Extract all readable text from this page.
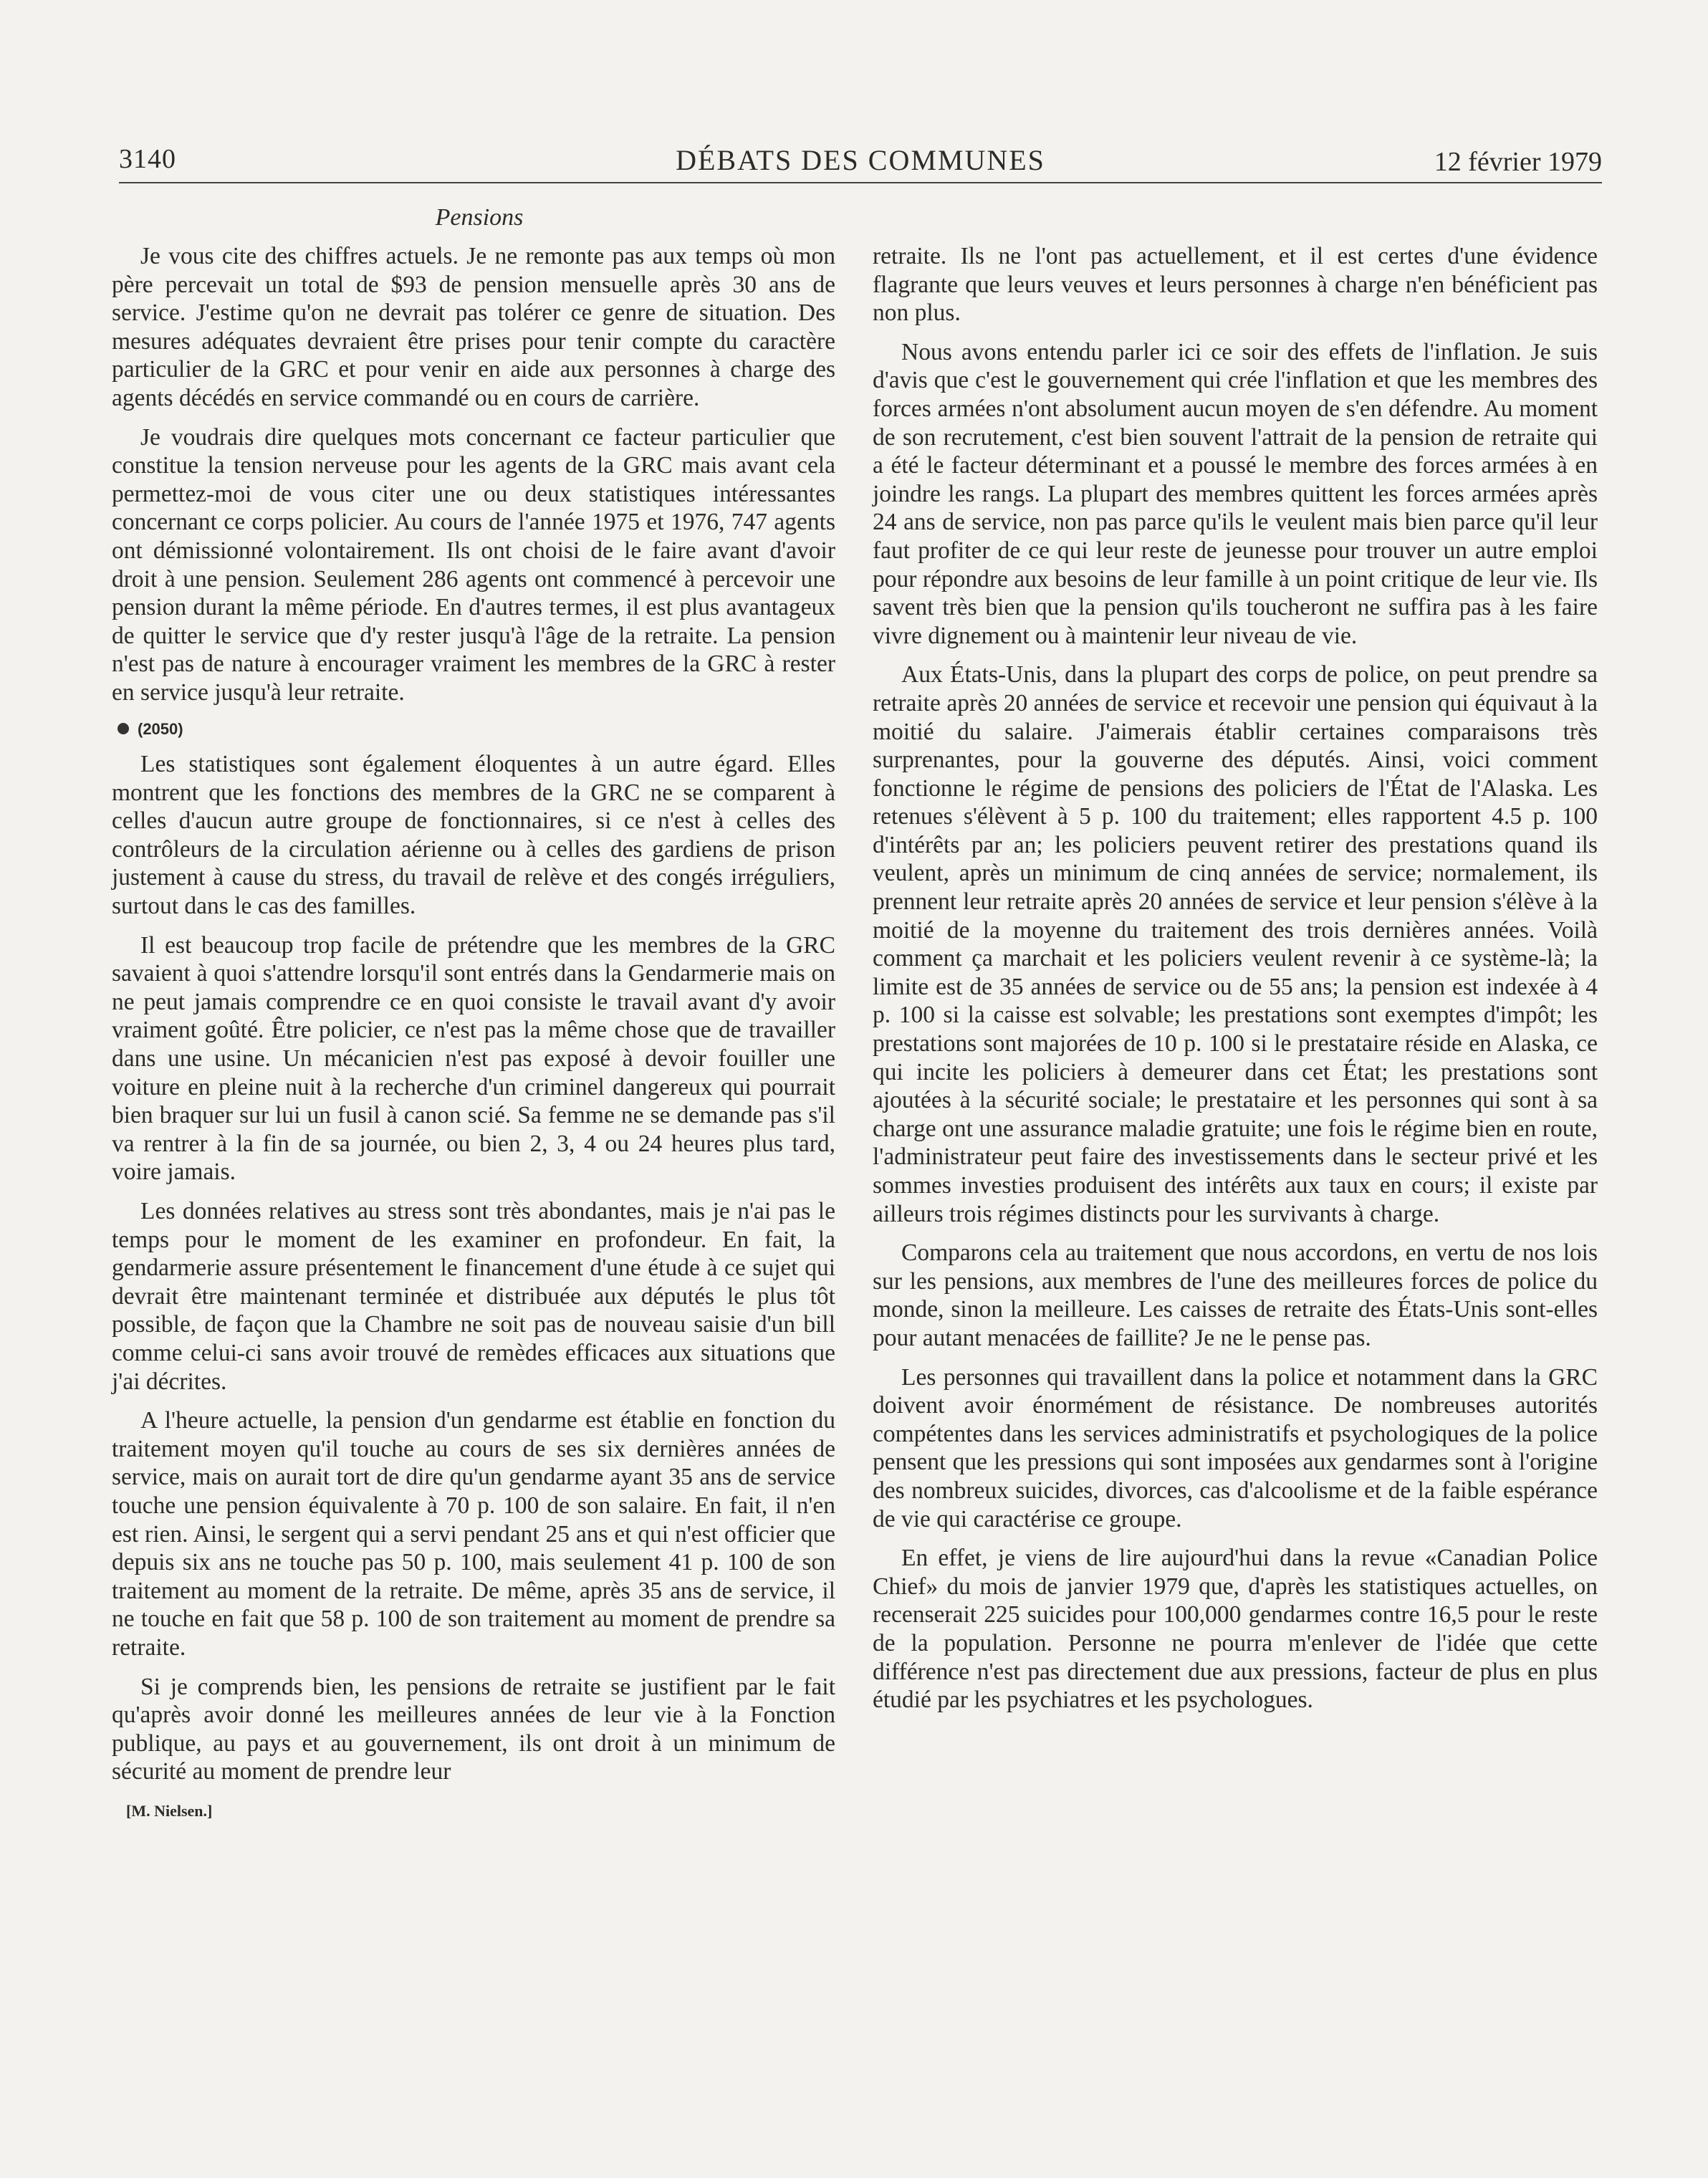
3140	DÉBATS DES COMMUNES	12 février 1979
Pensions

Je vous cite des chiffres actuels. Je ne remonte pas aux temps où mon père percevait un total de $93 de pension mensuelle après 30 ans de service. J'estime qu'on ne devrait pas tolérer ce genre de situation. Des mesures adéquates devraient être prises pour tenir compte du caractère particulier de la GRC et pour venir en aide aux personnes à charge des agents décédés en service commandé ou en cours de carrière.

Je voudrais dire quelques mots concernant ce facteur particulier que constitue la tension nerveuse pour les agents de la GRC mais avant cela permettez-moi de vous citer une ou deux statistiques intéressantes concernant ce corps policier. Au cours de l'année 1975 et 1976, 747 agents ont démissionné volontairement. Ils ont choisi de le faire avant d'avoir droit à une pension. Seulement 286 agents ont commencé à percevoir une pension durant la même période. En d'autres termes, il est plus avantageux de quitter le service que d'y rester jusqu'à l'âge de la retraite. La pension n'est pas de nature à encourager vraiment les membres de la GRC à rester en service jusqu'à leur retraite.

(2050)

Les statistiques sont également éloquentes à un autre égard. Elles montrent que les fonctions des membres de la GRC ne se comparent à celles d'aucun autre groupe de fonctionnaires, si ce n'est à celles des contrôleurs de la circulation aérienne ou à celles des gardiens de prison justement à cause du stress, du travail de relève et des congés irréguliers, surtout dans le cas des familles.

Il est beaucoup trop facile de prétendre que les membres de la GRC savaient à quoi s'attendre lorsqu'il sont entrés dans la Gendarmerie mais on ne peut jamais comprendre ce en quoi consiste le travail avant d'y avoir vraiment goûté. Être policier, ce n'est pas la même chose que de travailler dans une usine. Un mécanicien n'est pas exposé à devoir fouiller une voiture en pleine nuit à la recherche d'un criminel dangereux qui pourrait bien braquer sur lui un fusil à canon scié. Sa femme ne se demande pas s'il va rentrer à la fin de sa journée, ou bien 2, 3, 4 ou 24 heures plus tard, voire jamais.

Les données relatives au stress sont très abondantes, mais je n'ai pas le temps pour le moment de les examiner en profondeur. En fait, la gendarmerie assure présentement le financement d'une étude à ce sujet qui devrait être maintenant terminée et distribuée aux députés le plus tôt possible, de façon que la Chambre ne soit pas de nouveau saisie d'un bill comme celui-ci sans avoir trouvé de remèdes efficaces aux situations que j'ai décrites.

A l'heure actuelle, la pension d'un gendarme est établie en fonction du traitement moyen qu'il touche au cours de ses six dernières années de service, mais on aurait tort de dire qu'un gendarme ayant 35 ans de service touche une pension équivalente à 70 p. 100 de son salaire. En fait, il n'en est rien. Ainsi, le sergent qui a servi pendant 25 ans et qui n'est officier que depuis six ans ne touche pas 50 p. 100, mais seulement 41 p. 100 de son traitement au moment de la retraite. De même, après 35 ans de service, il ne touche en fait que 58 p. 100 de son traitement au moment de prendre sa retraite.

Si je comprends bien, les pensions de retraite se justifient par le fait qu'après avoir donné les meilleures années de leur vie à la Fonction publique, au pays et au gouvernement, ils ont droit à un minimum de sécurité au moment de prendre leur

[M. Nielsen.]

retraite. Ils ne l'ont pas actuellement, et il est certes d'une évidence flagrante que leurs veuves et leurs personnes à charge n'en bénéficient pas non plus.

Nous avons entendu parler ici ce soir des effets de l'inflation. Je suis d'avis que c'est le gouvernement qui crée l'inflation et que les membres des forces armées n'ont absolument aucun moyen de s'en défendre. Au moment de son recrutement, c'est bien souvent l'attrait de la pension de retraite qui a été le facteur déterminant et a poussé le membre des forces armées à en joindre les rangs. La plupart des membres quittent les forces armées après 24 ans de service, non pas parce qu'ils le veulent mais bien parce qu'il leur faut profiter de ce qui leur reste de jeunesse pour trouver un autre emploi pour répondre aux besoins de leur famille à un point critique de leur vie. Ils savent très bien que la pension qu'ils toucheront ne suffira pas à les faire vivre dignement ou à maintenir leur niveau de vie.

Aux États-Unis, dans la plupart des corps de police, on peut prendre sa retraite après 20 années de service et recevoir une pension qui équivaut à la moitié du salaire. J'aimerais établir certaines comparaisons très surprenantes, pour la gouverne des députés. Ainsi, voici comment fonctionne le régime de pensions des policiers de l'État de l'Alaska. Les retenues s'élèvent à 5 p. 100 du traitement; elles rapportent 4.5 p. 100 d'intérêts par an; les policiers peuvent retirer des prestations quand ils veulent, après un minimum de cinq années de service; normalement, ils prennent leur retraite après 20 années de service et leur pension s'élève à la moitié de la moyenne du traitement des trois dernières années. Voilà comment ça marchait et les policiers veulent revenir à ce système-là; la limite est de 35 années de service ou de 55 ans; la pension est indexée à 4 p. 100 si la caisse est solvable; les prestations sont exemptes d'impôt; les prestations sont majorées de 10 p. 100 si le prestataire réside en Alaska, ce qui incite les policiers à demeurer dans cet État; les prestations sont ajoutées à la sécurité sociale; le prestataire et les personnes qui sont à sa charge ont une assurance maladie gratuite; une fois le régime bien en route, l'administrateur peut faire des investissements dans le secteur privé et les sommes investies produisent des intérêts aux taux en cours; il existe par ailleurs trois régimes distincts pour les survivants à charge.

Comparons cela au traitement que nous accordons, en vertu de nos lois sur les pensions, aux membres de l'une des meilleures forces de police du monde, sinon la meilleure. Les caisses de retraite des États-Unis sont-elles pour autant menacées de faillite? Je ne le pense pas.

Les personnes qui travaillent dans la police et notamment dans la GRC doivent avoir énormément de résistance. De nombreuses autorités compétentes dans les services administratifs et psychologiques de la police pensent que les pressions qui sont imposées aux gendarmes sont à l'origine des nombreux suicides, divorces, cas d'alcoolisme et de la faible espérance de vie qui caractérise ce groupe.

En effet, je viens de lire aujourd'hui dans la revue «Canadian Police Chief» du mois de janvier 1979 que, d'après les statistiques actuelles, on recenserait 225 suicides pour 100,000 gendarmes contre 16,5 pour le reste de la population. Personne ne pourra m'enlever de l'idée que cette différence n'est pas directement due aux pressions, facteur de plus en plus étudié par les psychiatres et les psychologues.
